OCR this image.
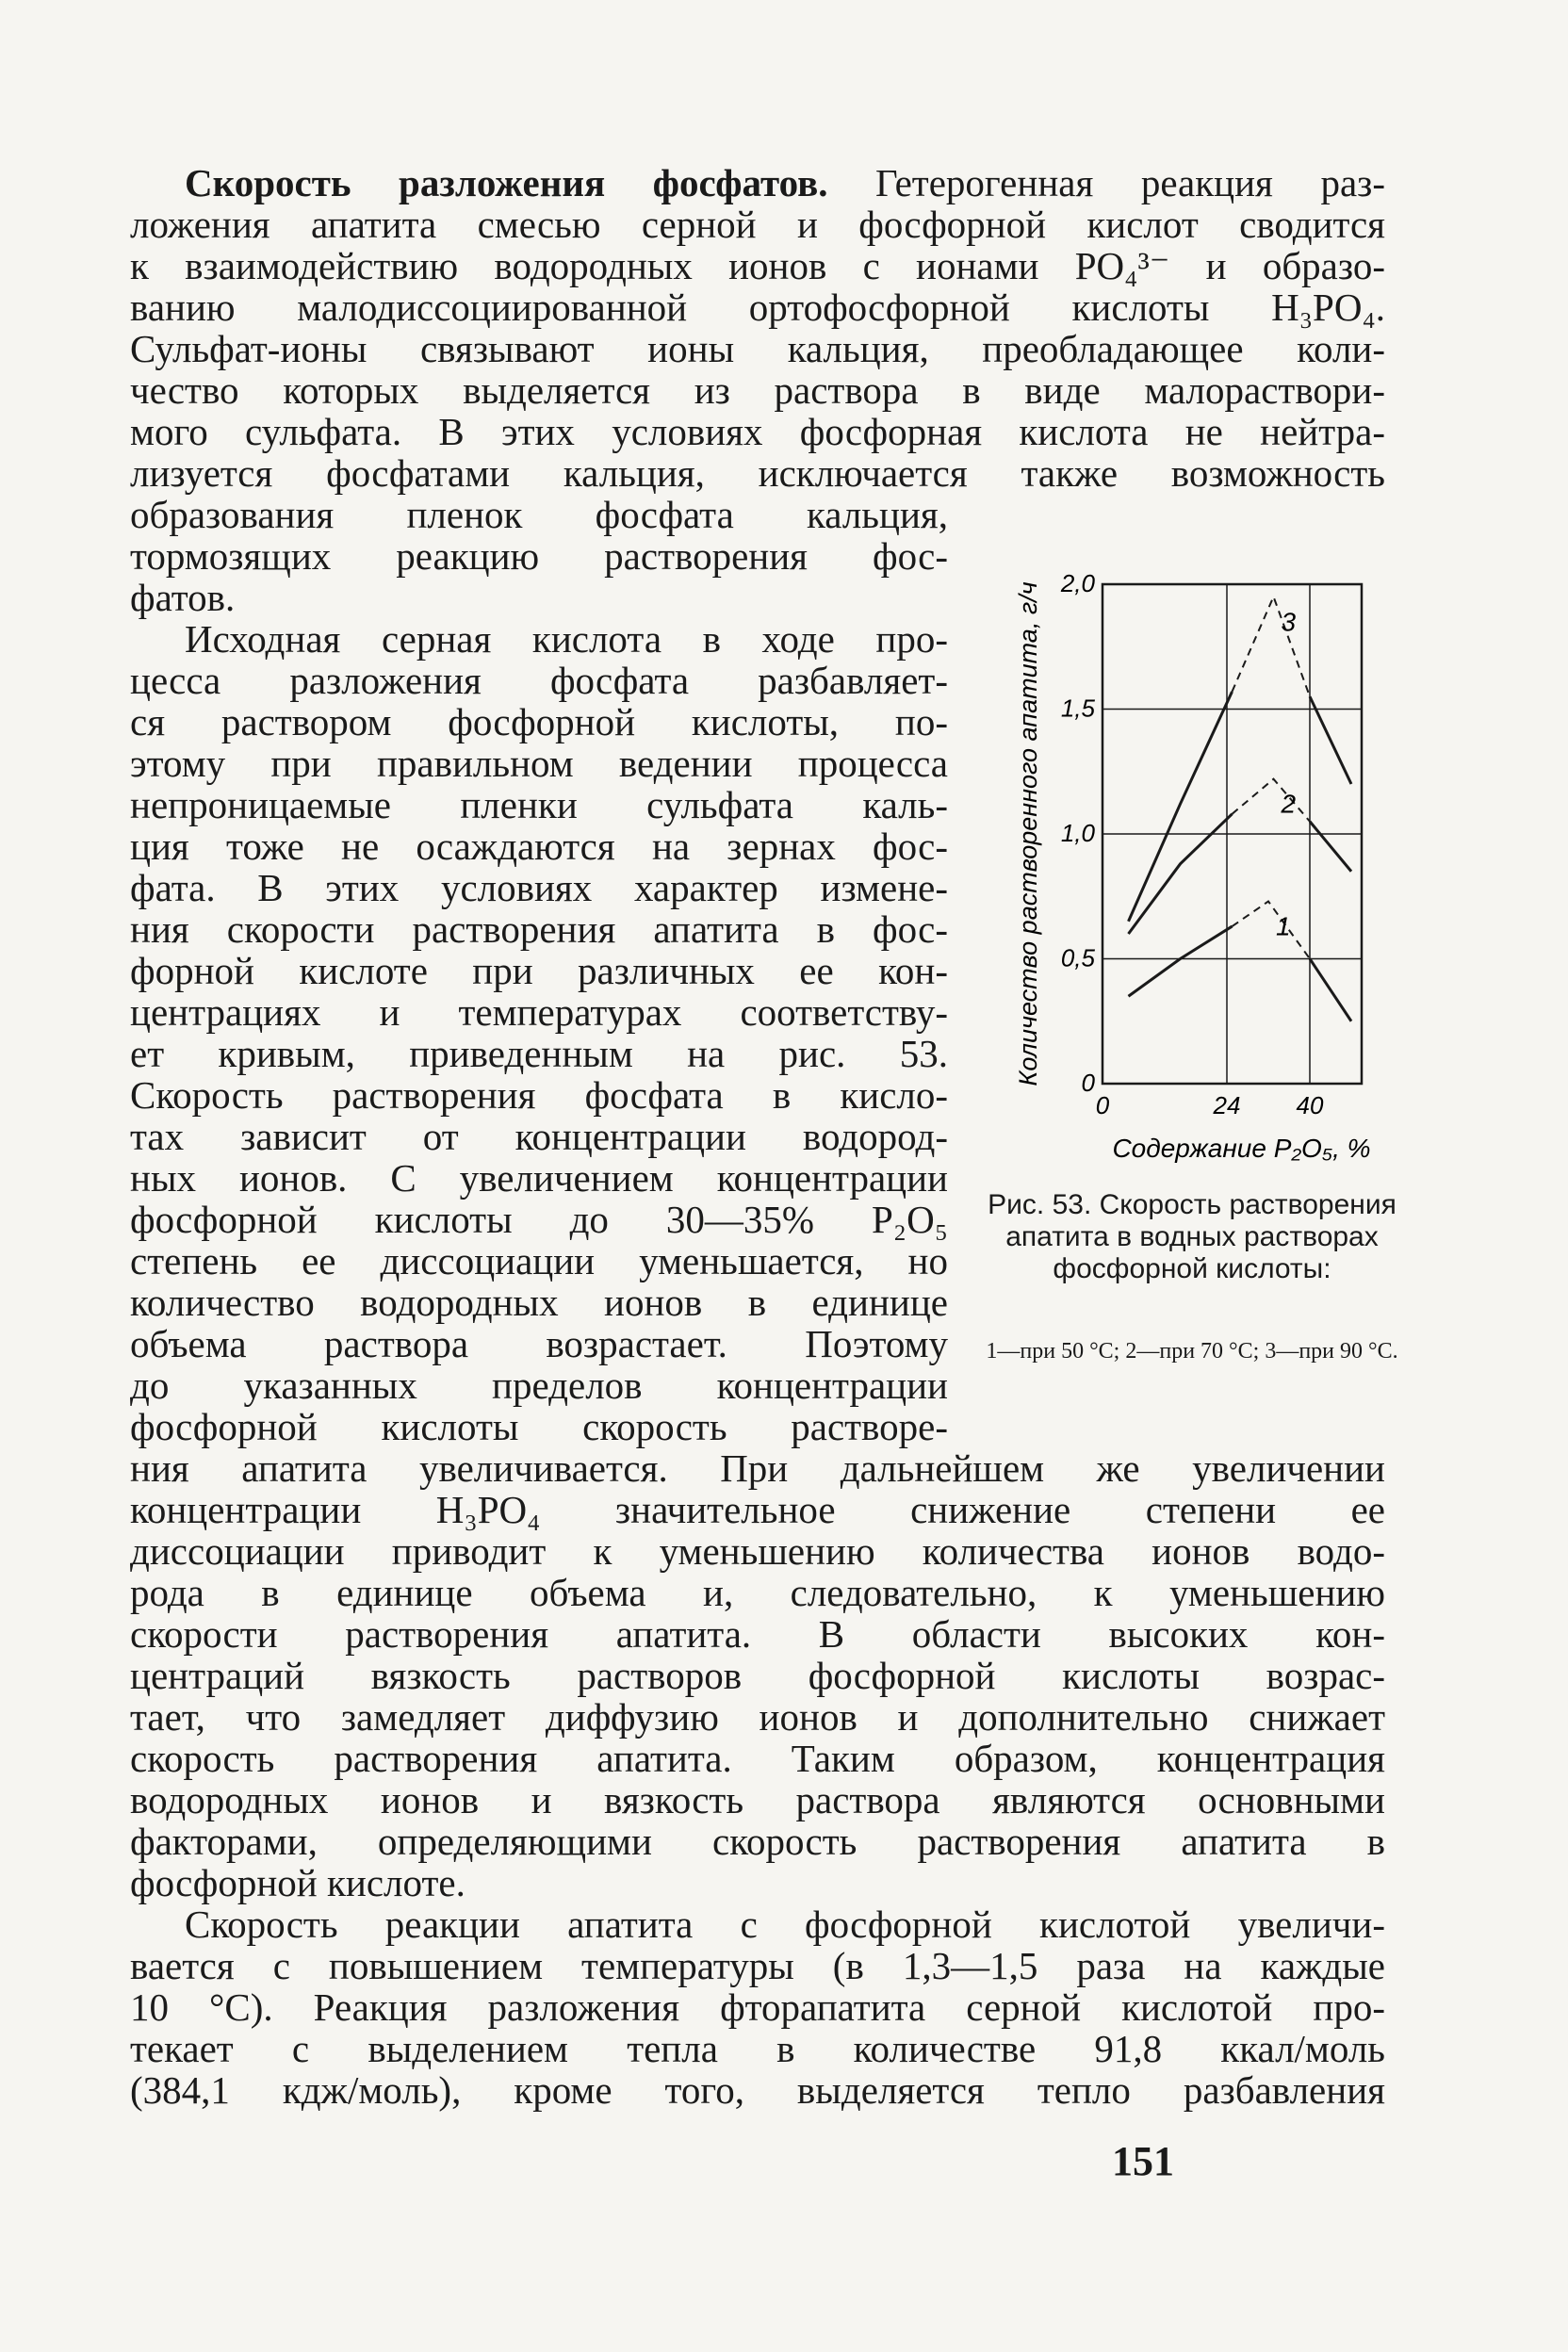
Скорость разложения фосфатов. Гетерогенная реакция раз-
ложения апатита смесью серной и фосфорной кислот сводится
к взаимодействию водородных ионов с ионами PO₄³⁻ и образо-
ванию малодиссоциированной ортофосфорной кислоты H₃PO₄.
Сульфат-ионы связывают ионы кальция, преобладающее коли-
чество которых выделяется из раствора в виде малораствори-
мого сульфата. В этих условиях фосфорная кислота не нейтра-
лизуется фосфатами кальция, исключается также возможность
образования пленок фосфата кальция,
тормозящих реакцию растворения фос-
фатов.
Исходная серная кислота в ходе про-
цесса разложения фосфата разбавляет-
ся раствором фосфорной кислоты, по-
этому при правильном ведении процесса
непроницаемые пленки сульфата каль-
ция тоже не осаждаются на зернах фос-
фата. В этих условиях характер измене-
ния скорости растворения апатита в фос-
форной кислоте при различных ее кон-
центрациях и температурах соответству-
ет кривым, приведенным на рис. 53.
Скорость растворения фосфата в кисло-
тах зависит от концентрации водород-
ных ионов. С увеличением концентрации
фосфорной кислоты до 30—35% P₂O₅
степень ее диссоциации уменьшается, но
количество водородных ионов в единице
объема раствора возрастает. Поэтому
до указанных пределов концентрации
фосфорной кислоты скорость растворе-
ния апатита увеличивается. При дальнейшем же увеличении
концентрации H₃PO₄ значительное снижение степени ее
диссоциации приводит к уменьшению количества ионов водо-
рода в единице объема и, следовательно, к уменьшению
скорости растворения апатита. В области высоких кон-
центраций вязкость растворов фосфорной кислоты возрас-
тает, что замедляет диффузию ионов и дополнительно снижает
скорость растворения апатита. Таким образом, концентрация
водородных ионов и вязкость раствора являются основными
факторами, определяющими скорость растворения апатита в
фосфорной кислоте.
Скорость реакции апатита с фосфорной кислотой увеличи-
вается с повышением температуры (в 1,3—1,5 раза на каждые
10 °C). Реакция разложения фторапатита серной кислотой про-
текает с выделением тепла в количестве 91,8 ккал/моль
(384,1 кдж/моль), кроме того, выделяется тепло разбавления
0
0,5
1,0
1,5
2,0
0	24 40
Содержание P₂O₅, %
Количество растворенного апатита, г/ч	1
2
3
Рис. 53. Скорость растворения апатита в водных растворах фосфорной кислоты:
1—при 50 °C; 2—при 70 °C; 3—при 90 °C.
151
